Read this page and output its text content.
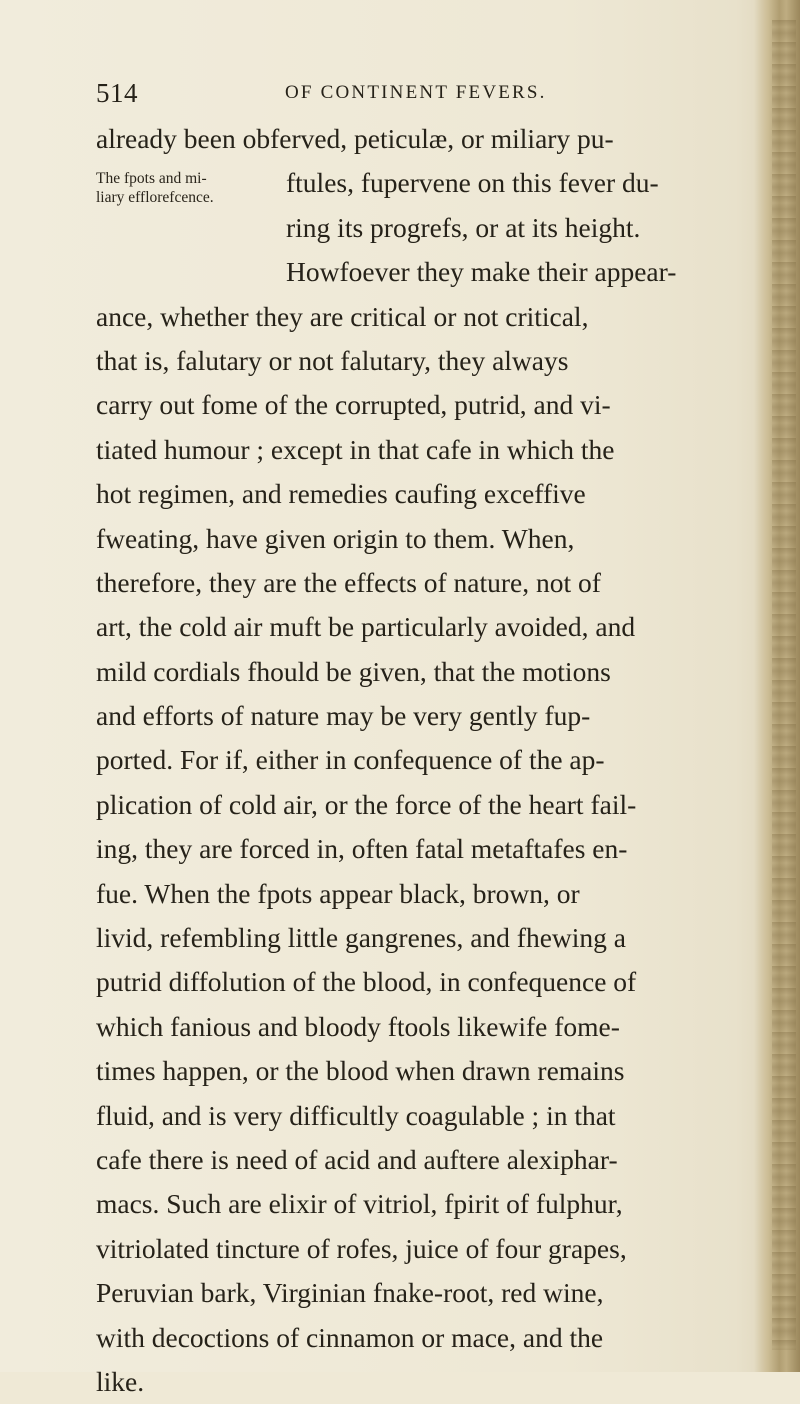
514	OF CONTINENT FEVERS.
The fpots and mi-
liary efflorefcence.
already been obferved, peticulæ, or miliary pu-
ftules, fupervene on this fever du-
ring its progrefs, or at its height.
Howfoever they make their appear-
ance, whether they are critical or not critical,
that is, falutary or not falutary, they always
carry out fome of the corrupted, putrid, and vi-
tiated humour ; except in that cafe in which the
hot regimen, and remedies caufing exceffive
fweating, have given origin to them. When,
therefore, they are the effects of nature, not of
art, the cold air muft be particularly avoided, and
mild cordials fhould be given, that the motions
and efforts of nature may be very gently fup-
ported. For if, either in confequence of the ap-
plication of cold air, or the force of the heart fail-
ing, they are forced in, often fatal metaftafes en-
fue. When the fpots appear black, brown, or
livid, refembling little gangrenes, and fhewing a
putrid diffolution of the blood, in confequence of
which fanious and bloody ftools likewife fome-
times happen, or the blood when drawn remains
fluid, and is very difficultly coagulable ; in that
cafe there is need of acid and auftere alexiphar-
macs. Such are elixir of vitriol, fpirit of fulphur,
vitriolated tincture of rofes, juice of four grapes,
Peruvian bark, Virginian fnake-root, red wine,
with decoctions of cinnamon or mace, and the
like.
